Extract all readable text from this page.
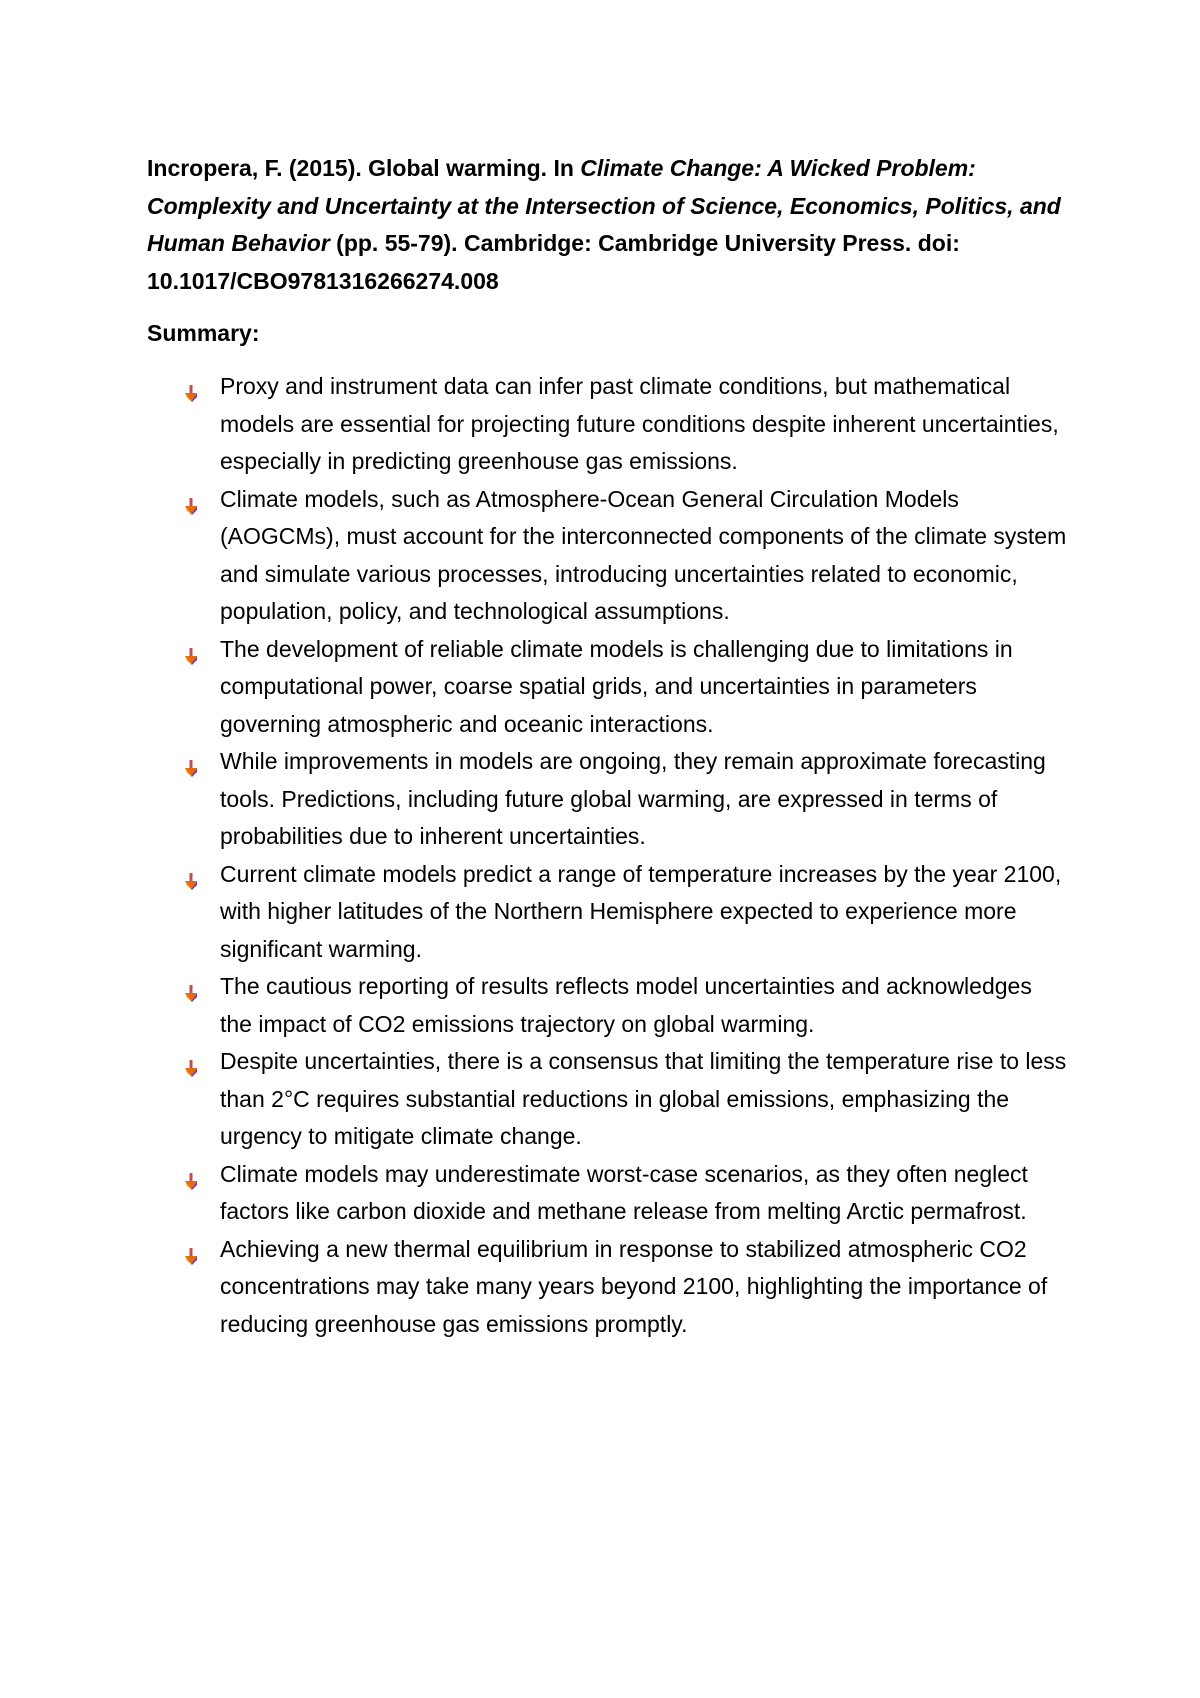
Incropera, F. (2015). Global warming. In Climate Change: A Wicked Problem: Complexity and Uncertainty at the Intersection of Science, Economics, Politics, and Human Behavior (pp. 55-79). Cambridge: Cambridge University Press. doi: 10.1017/CBO9781316266274.008

Summary:

Proxy and instrument data can infer past climate conditions, but mathematical models are essential for projecting future conditions despite inherent uncertainties, especially in predicting greenhouse gas emissions.
Climate models, such as Atmosphere-Ocean General Circulation Models (AOGCMs), must account for the interconnected components of the climate system and simulate various processes, introducing uncertainties related to economic, population, policy, and technological assumptions.
The development of reliable climate models is challenging due to limitations in computational power, coarse spatial grids, and uncertainties in parameters governing atmospheric and oceanic interactions.
While improvements in models are ongoing, they remain approximate forecasting tools. Predictions, including future global warming, are expressed in terms of probabilities due to inherent uncertainties.
Current climate models predict a range of temperature increases by the year 2100, with higher latitudes of the Northern Hemisphere expected to experience more significant warming.
The cautious reporting of results reflects model uncertainties and acknowledges the impact of CO2 emissions trajectory on global warming.
Despite uncertainties, there is a consensus that limiting the temperature rise to less than 2°C requires substantial reductions in global emissions, emphasizing the urgency to mitigate climate change.
Climate models may underestimate worst-case scenarios, as they often neglect factors like carbon dioxide and methane release from melting Arctic permafrost.
Achieving a new thermal equilibrium in response to stabilized atmospheric CO2 concentrations may take many years beyond 2100, highlighting the importance of reducing greenhouse gas emissions promptly.
